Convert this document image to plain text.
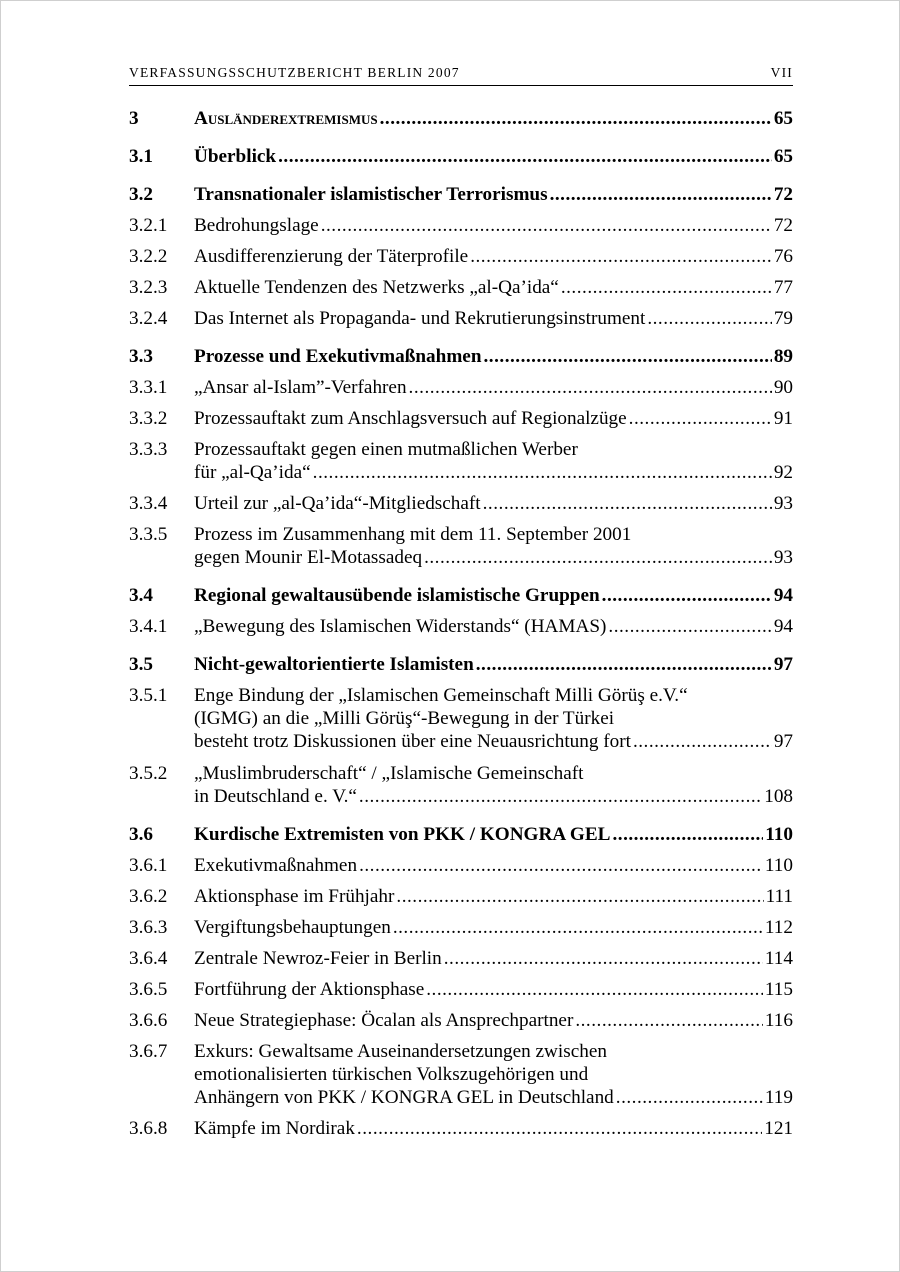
VERFASSUNGSSCHUTZBERICHT BERLIN 2007	VII
3	Ausländerextremismus .....	65
3.1	Überblick .....	65
3.2	Transnationaler islamistischer Terrorismus .....	72
3.2.1	Bedrohungslage .....	72
3.2.2	Ausdifferenzierung der Täterprofile .....	76
3.2.3	Aktuelle Tendenzen des Netzwerks „al-Qa’ida“ .....	77
3.2.4	Das Internet als Propaganda- und Rekrutierungsinstrument .....	79
3.3	Prozesse und Exekutivmaßnahmen .....	89
3.3.1	„Ansar al-Islam”-Verfahren .....	90
3.3.2	Prozessauftakt zum Anschlagsversuch auf Regionalzüge .....	91
3.3.3	Prozessauftakt gegen einen mutmaßlichen Werber
für „al-Qa’ida“ .....	92
3.3.4	Urteil zur „al-Qa’ida“-Mitgliedschaft .....	93
3.3.5	Prozess im Zusammenhang mit dem 11. September 2001
gegen Mounir El-Motassadeq .....	93
3.4	Regional gewaltausübende islamistische Gruppen .....	94
3.4.1	„Bewegung des Islamischen Widerstands“ (HAMAS) .....	94
3.5	Nicht-gewaltorientierte Islamisten .....	97
3.5.1	Enge Bindung der „Islamischen Gemeinschaft Milli Görüş e.V.“
(IGMG) an die „Milli Görüş“-Bewegung in der Türkei
besteht trotz Diskussionen über eine Neuausrichtung fort .....	97
3.5.2	„Muslimbruderschaft“ / „Islamische Gemeinschaft
in Deutschland e. V.“ .....	108
3.6	Kurdische Extremisten von PKK / KONGRA GEL .....	110
3.6.1	Exekutivmaßnahmen .....	110
3.6.2	Aktionsphase im Frühjahr .....	111
3.6.3	Vergiftungsbehauptungen .....	112
3.6.4	Zentrale Newroz-Feier in Berlin .....	114
3.6.5	Fortführung der Aktionsphase .....	115
3.6.6	Neue Strategiephase: Öcalan als Ansprechpartner .....	116
3.6.7	Exkurs: Gewaltsame Auseinandersetzungen zwischen
emotionalisierten türkischen Volkszugehörigen und
Anhängern von PKK / KONGRA GEL in Deutschland .....	119
3.6.8	Kämpfe im Nordirak .....	121
